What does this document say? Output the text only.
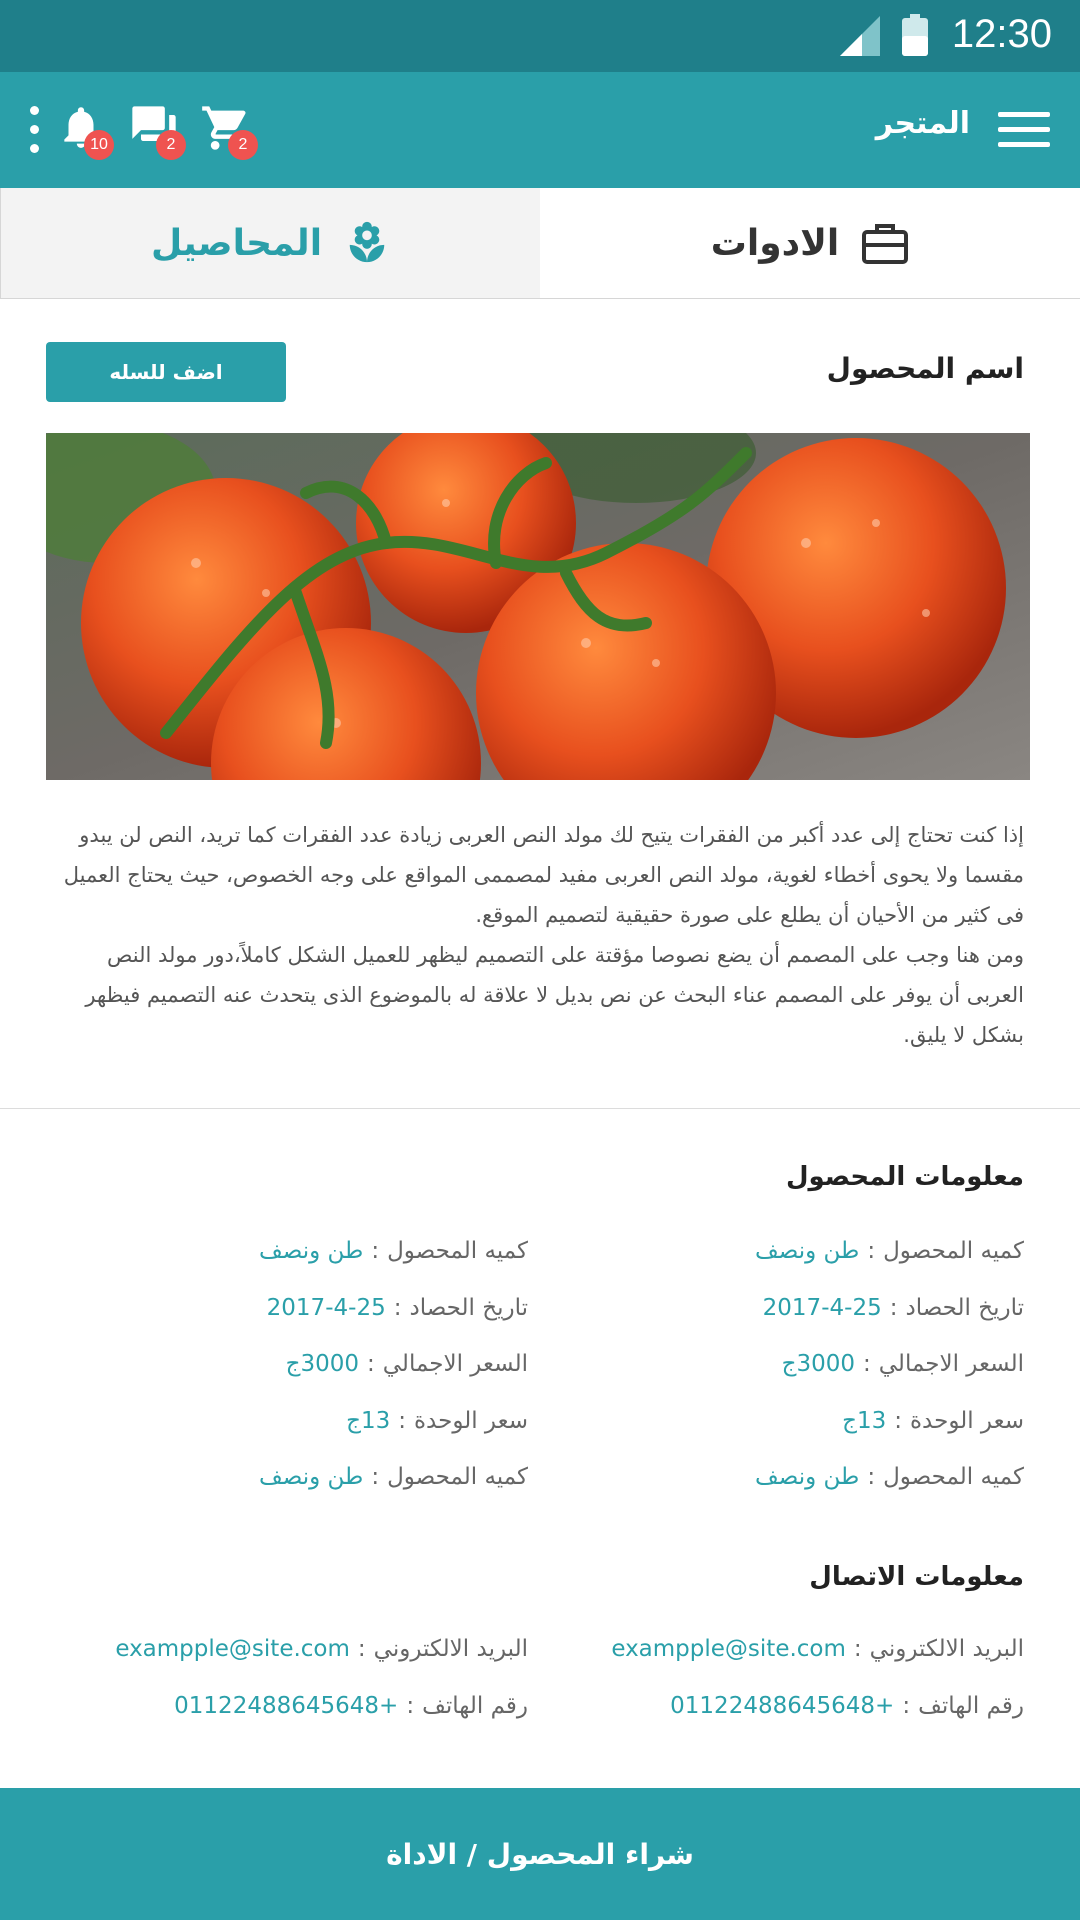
12:30
المتجر
2
2
10
المحاصيل	الادوات
اسم المحصول
اضف للسله

إذا كنت تحتاج إلى عدد أكبر من الفقرات يتيح لك مولد النص العربى زيادة عدد الفقرات كما تريد، النص لن يبدو مقسما ولا يحوى أخطاء لغوية، مولد النص العربى مفيد لمصممى المواقع على وجه الخصوص، حيث يحتاج العميل فى كثير من الأحيان أن يطلع على صورة حقيقية لتصميم الموقع.

ومن هنا وجب على المصمم أن يضع نصوصا مؤقتة على التصميم ليظهر للعميل الشكل كاملاً،دور مولد النص العربى أن يوفر على المصمم عناء البحث عن نص بديل لا علاقة له بالموضوع الذى يتحدث عنه التصميم فيظهر بشكل لا يليق.

معلومات المحصول
كميه المحصول:طن ونصف
تاريخ الحصاد:25-4-2017
السعر الاجمالي:3000ج
سعر الوحدة:13ج
كميه المحصول:طن ونصف
كميه المحصول:طن ونصف
تاريخ الحصاد:25-4-2017
السعر الاجمالي:3000ج
سعر الوحدة:13ج
كميه المحصول:طن ونصف
معلومات الاتصال
البريد الالكتروني:exampple@site.com
رقم الهاتف:+01122488645648
البريد الالكتروني:exampple@site.com
رقم الهاتف:+01122488645648
شراء المحصول / الاداة
